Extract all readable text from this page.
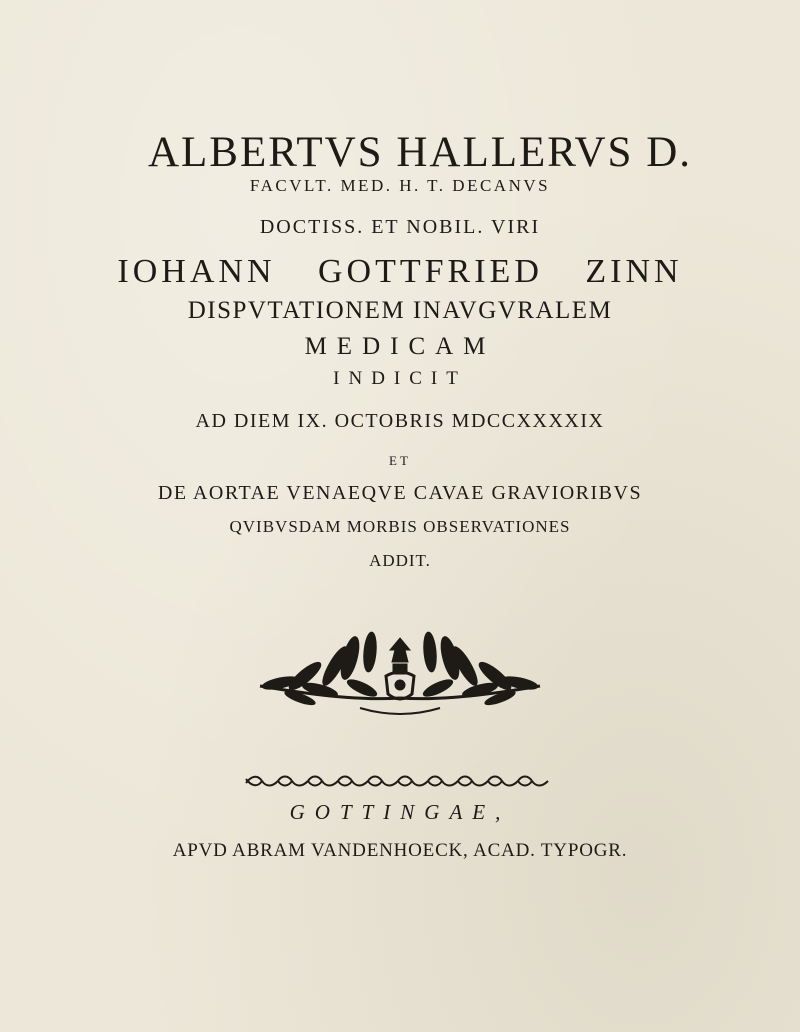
ALBERTVS HALLERVS D.

FACVLT. MED. H. T. DECANVS

DOCTISS. ET NOBIL. VIRI

IOHANN GOTTFRIED ZINN

DISPVTATIONEM INAVGVRALEM

MEDICAM

INDICIT

AD DIEM IX. OCTOBRIS MDCCXXXXIX

ET

DE AORTAE VENAEQVE CAVAE GRAVIORIBVS

QVIBVSDAM MORBIS OBSERVATIONES

ADDIT.

GOTTINGAE,

APVD ABRAM VANDENHOECK, ACAD. TYPOGR.
